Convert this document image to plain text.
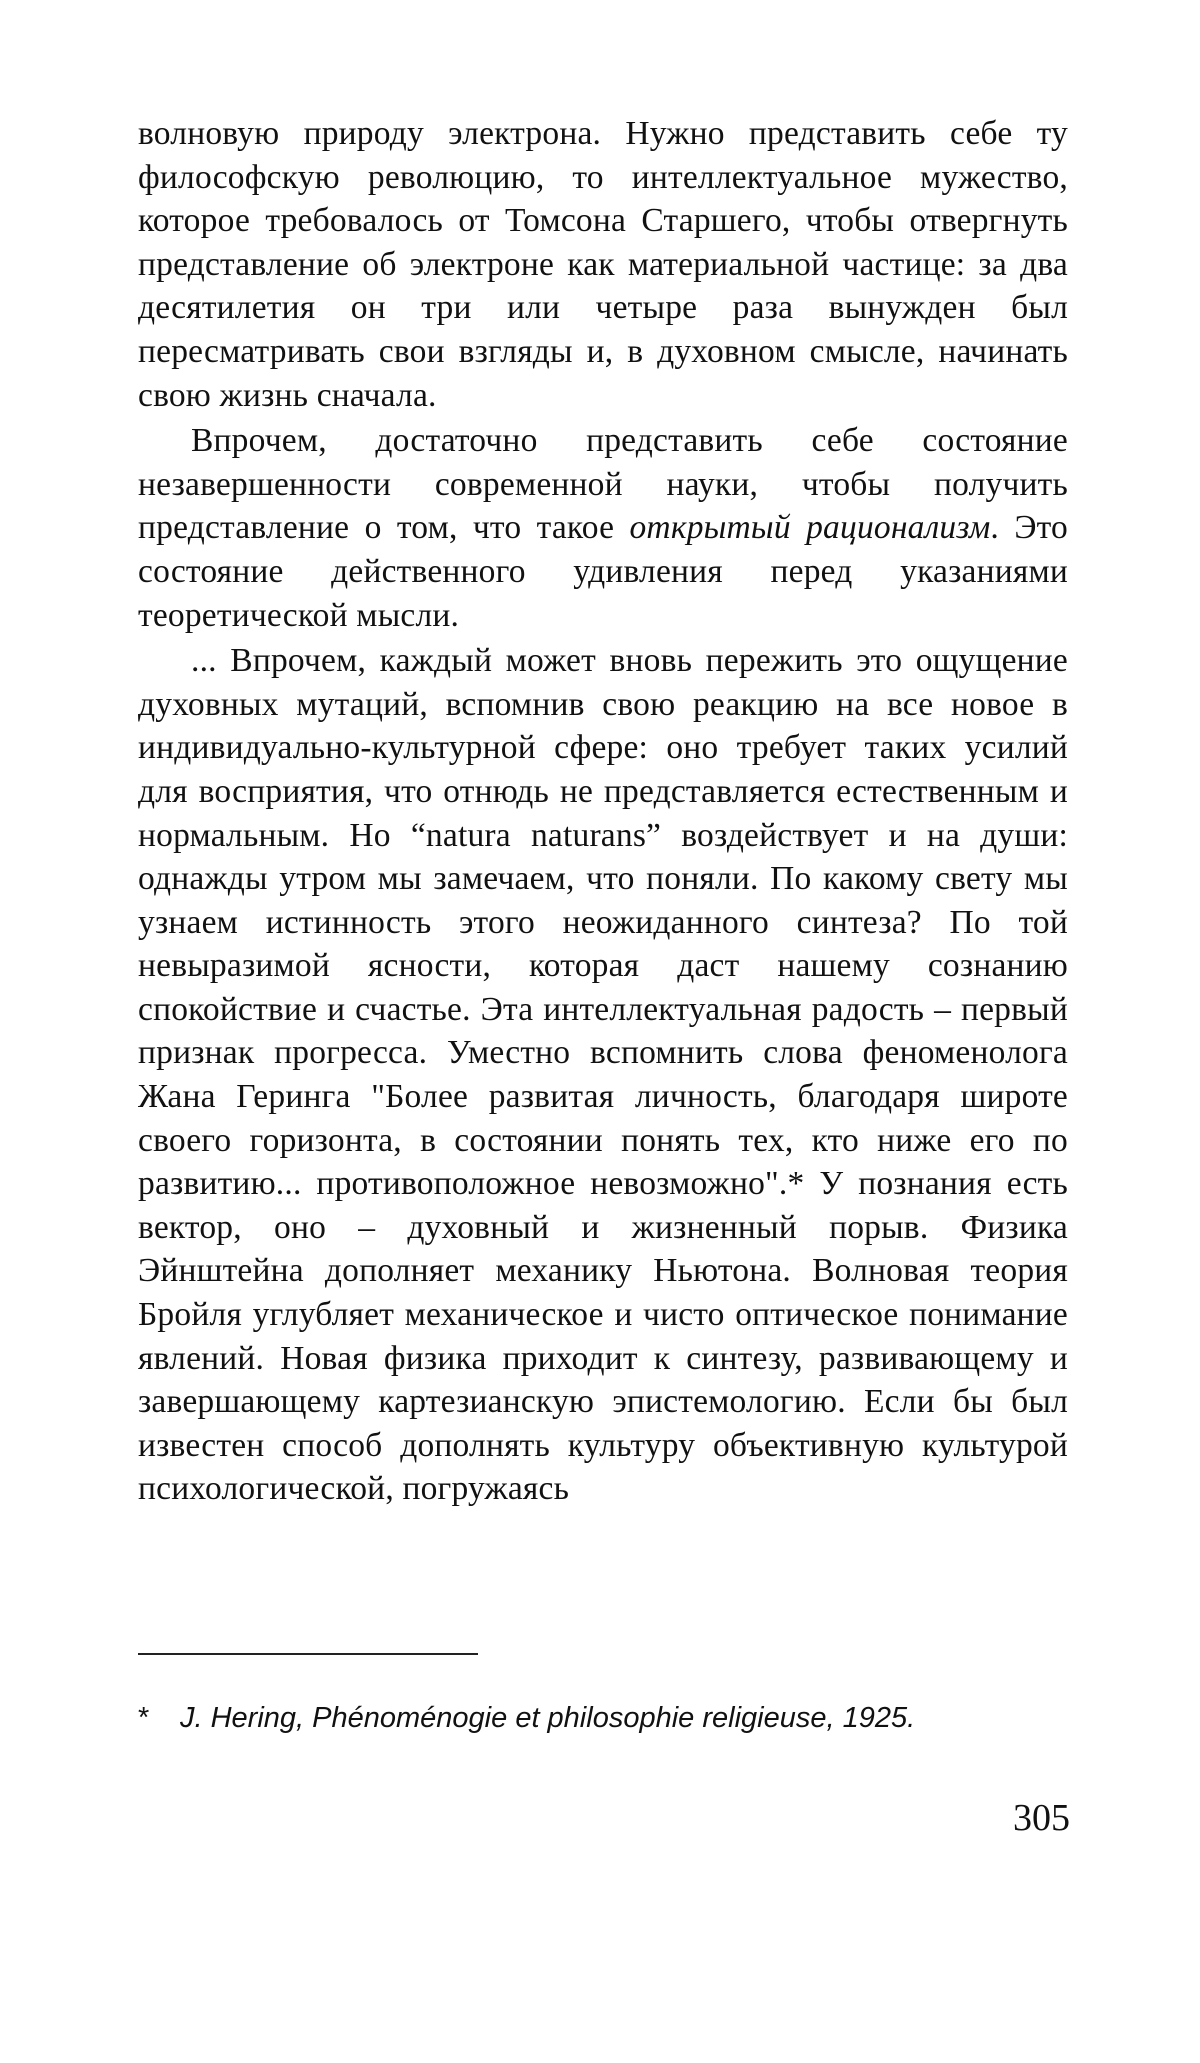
волновую природу электрона. Нужно представить себе ту философскую революцию, то интеллектуальное мужество, которое требовалось от Томсона Старшего, чтобы отвергнуть представление об электроне как материальной частице: за два десятилетия он три или четыре раза вынужден был пересматривать свои взгляды и, в духовном смысле, начинать свою жизнь сначала.

Впрочем, достаточно представить себе состояние незавершенности современной науки, чтобы получить представление о том, что такое открытый рационализм. Это состояние действенного удивления перед указаниями теоретической мысли.

... Впрочем, каждый может вновь пережить это ощущение духовных мутаций, вспомнив свою реакцию на все новое в индивидуально-культурной сфере: оно требует таких усилий для восприятия, что отнюдь не представляется естественным и нормальным. Но “natura naturans” воздействует и на души: однажды утром мы замечаем, что поняли. По какому свету мы узнаем истинность этого неожиданного синтеза? По той невыразимой ясности, которая даст нашему сознанию спокойствие и счастье. Эта интеллектуальная радость – первый признак прогресса. Уместно вспомнить слова феноменолога Жана Геринга "Более развитая личность, благодаря широте своего горизонта, в состоянии понять тех, кто ниже его по развитию... противоположное невозможно".* У познания есть вектор, оно – духовный и жизненный порыв. Физика Эйнштейна дополняет механику Ньютона. Волновая теория Бройля углубляет механическое и чисто оптическое понимание явлений. Новая физика приходит к синтезу, развивающему и завершающему картезианскую эпистемологию. Если бы был известен способ дополнять культуру объективную культурой психологической, погружаясь

* J. Hering, Phénoménogie et philosophie religieuse, 1925.

305
